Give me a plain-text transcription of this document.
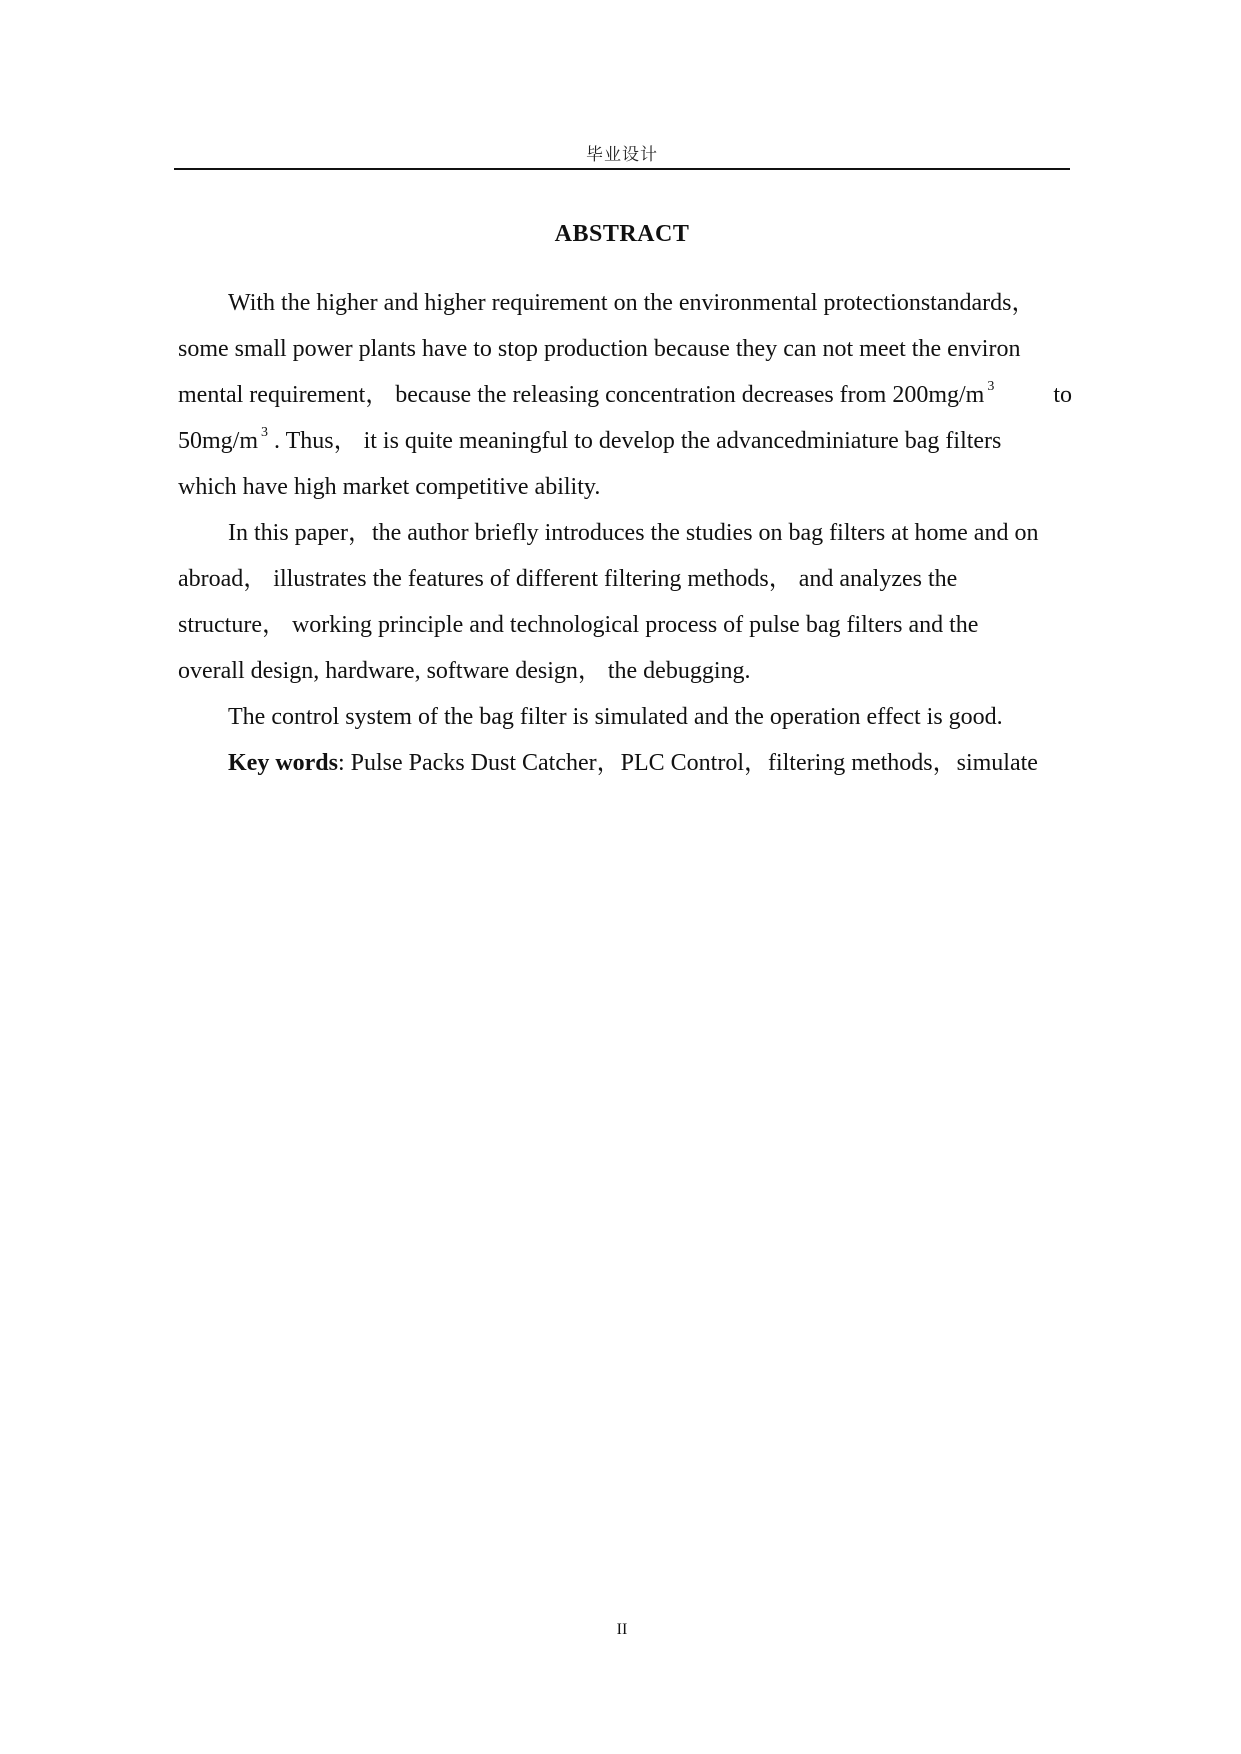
毕业设计
ABSTRACT
With the higher and higher requirement on the environmental protectionstandards，
some small power plants have to stop production because they can not meet the environ
mental requirement， because the releasing concentration decreases from 200mg/m $^3$ to
50mg/m $^3$ . Thus， it is quite meaningful to develop the advancedminiature bag filters
which have high market competitive ability.
In this paper，the author briefly introduces the studies on bag filters at home and on
abroad， illustrates the features of different filtering methods， and analyzes the
structure， working principle and technological process of pulse bag filters and the
overall design, hardware, software design， the debugging.
The control system of the bag filter is simulated and the operation effect is good.
Key words: Pulse Packs Dust Catcher，PLC Control，filtering methods，simulate
II
